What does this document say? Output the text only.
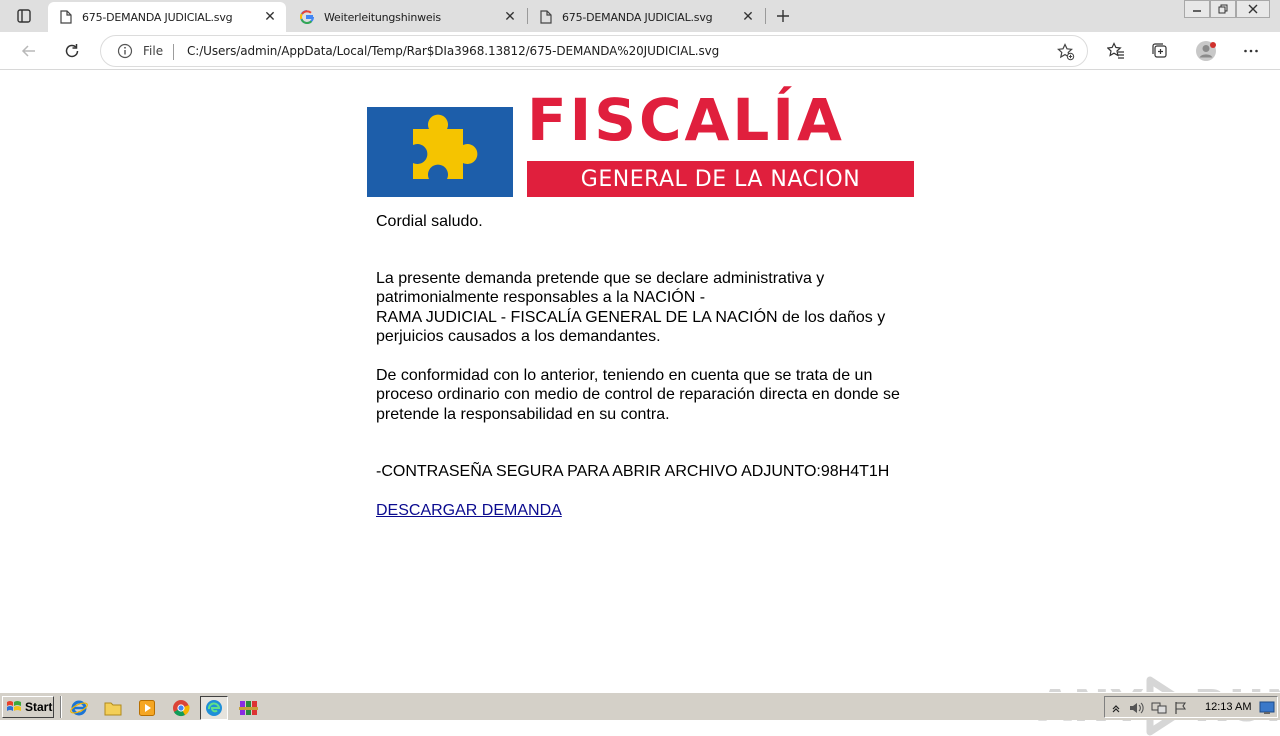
675-DEMANDA JUDICIAL.svg	✕	Weiterleitungshinweis	✕	675-DEMANDA JUDICIAL.svg	✕
File C:/Users/admin/AppData/Local/Temp/Rar$DIa3968.13812/675-DEMANDA%20JUDICIAL.svg
FISCALÍA
GENERAL DE LA NACION
Cordial saludo.
La presente demanda pretende que se declare administrativa y
patrimonialmente responsables a la NACIÓN -
RAMA JUDICIAL - FISCALÍA GENERAL DE LA NACIÓN de los daños y
perjuicios causados a los demandantes.
De conformidad con lo anterior, teniendo en cuenta que se trata de un
proceso ordinario con medio de control de reparación directa en donde se
pretende la responsabilidad en su contra.
-CONTRASEÑA SEGURA PARA ABRIR ARCHIVO ADJUNTO:98H4T1H
DESCARGAR DEMANDA
Start	12:13 AM
